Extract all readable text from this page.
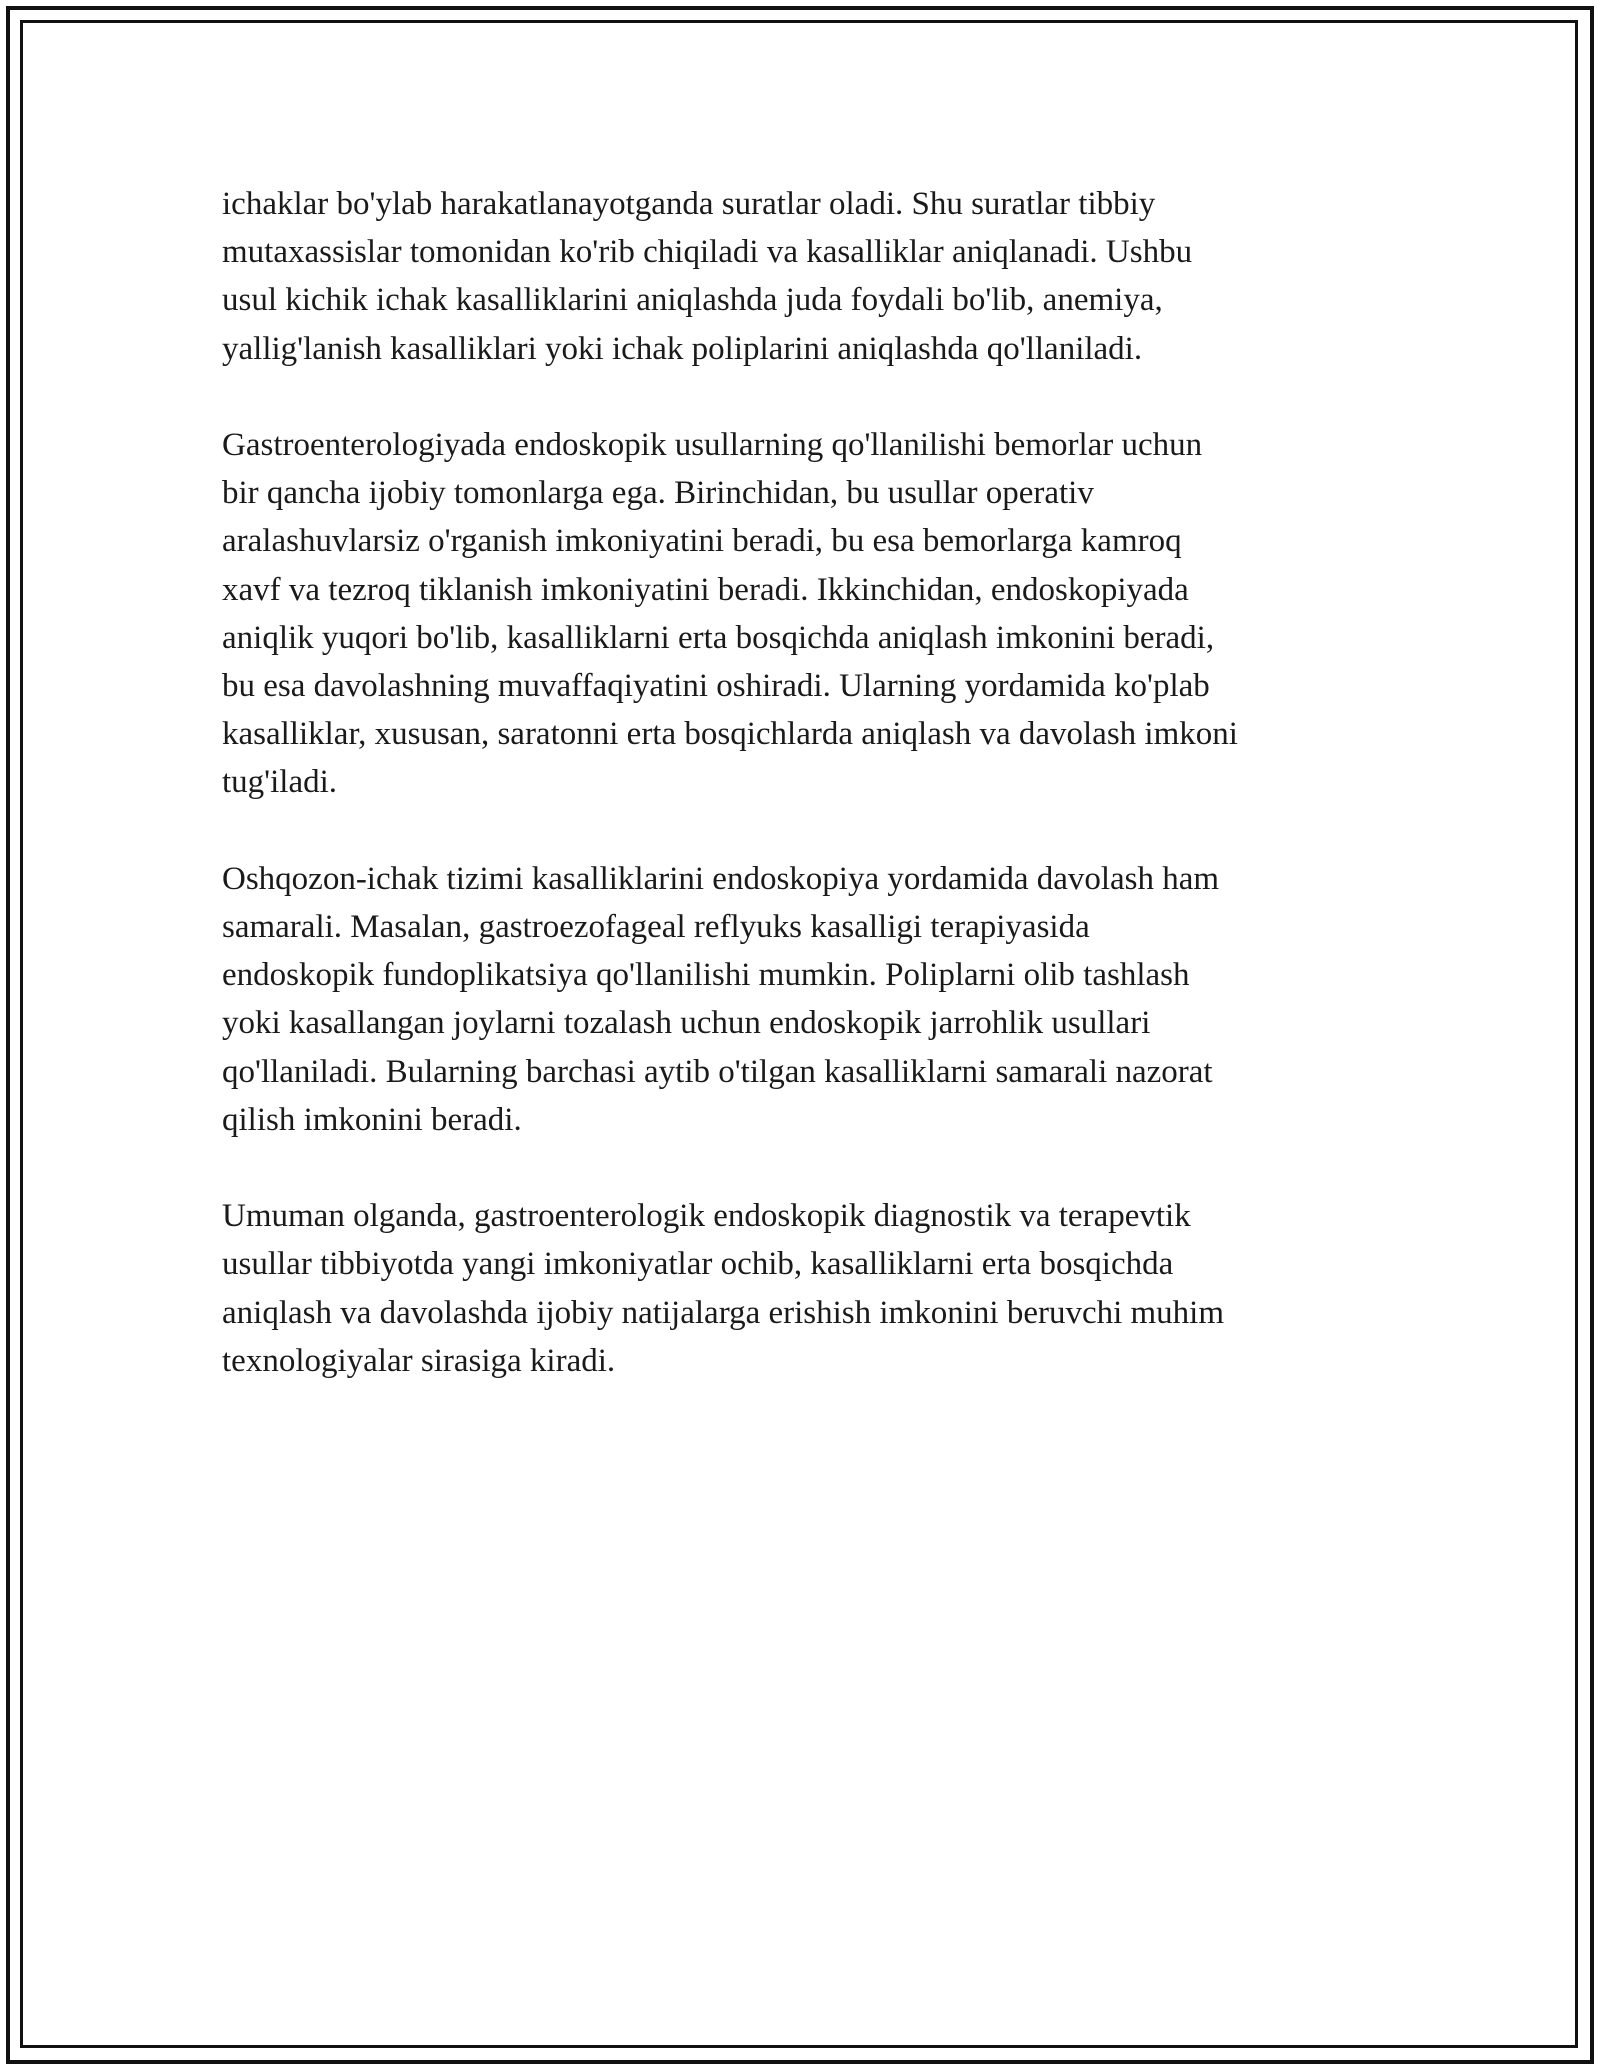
ichaklar bo'ylab harakatlanayotganda suratlar oladi. Shu suratlar tibbiy
mutaxassislar tomonidan ko'rib chiqiladi va kasalliklar aniqlanadi. Ushbu
usul kichik ichak kasalliklarini aniqlashda juda foydali bo'lib, anemiya,
yallig'lanish kasalliklari yoki ichak poliplarini aniqlashda qo'llaniladi.

Gastroenterologiyada endoskopik usullarning qo'llanilishi bemorlar uchun
bir qancha ijobiy tomonlarga ega. Birinchidan, bu usullar operativ
aralashuvlarsiz o'rganish imkoniyatini beradi, bu esa bemorlarga kamroq
xavf va tezroq tiklanish imkoniyatini beradi. Ikkinchidan, endoskopiyada
aniqlik yuqori bo'lib, kasalliklarni erta bosqichda aniqlash imkonini beradi,
bu esa davolashning muvaffaqiyatini oshiradi. Ularning yordamida ko'plab
kasalliklar, xususan, saratonni erta bosqichlarda aniqlash va davolash imkoni
tug'iladi.

Oshqozon-ichak tizimi kasalliklarini endoskopiya yordamida davolash ham
samarali. Masalan, gastroezofageal reflyuks kasalligi terapiyasida
endoskopik fundoplikatsiya qo'llanilishi mumkin. Poliplarni olib tashlash
yoki kasallangan joylarni tozalash uchun endoskopik jarrohlik usullari
qo'llaniladi. Bularning barchasi aytib o'tilgan kasalliklarni samarali nazorat
qilish imkonini beradi.

Umuman olganda, gastroenterologik endoskopik diagnostik va terapevtik
usullar tibbiyotda yangi imkoniyatlar ochib, kasalliklarni erta bosqichda
aniqlash va davolashda ijobiy natijalarga erishish imkonini beruvchi muhim
texnologiyalar sirasiga kiradi.
